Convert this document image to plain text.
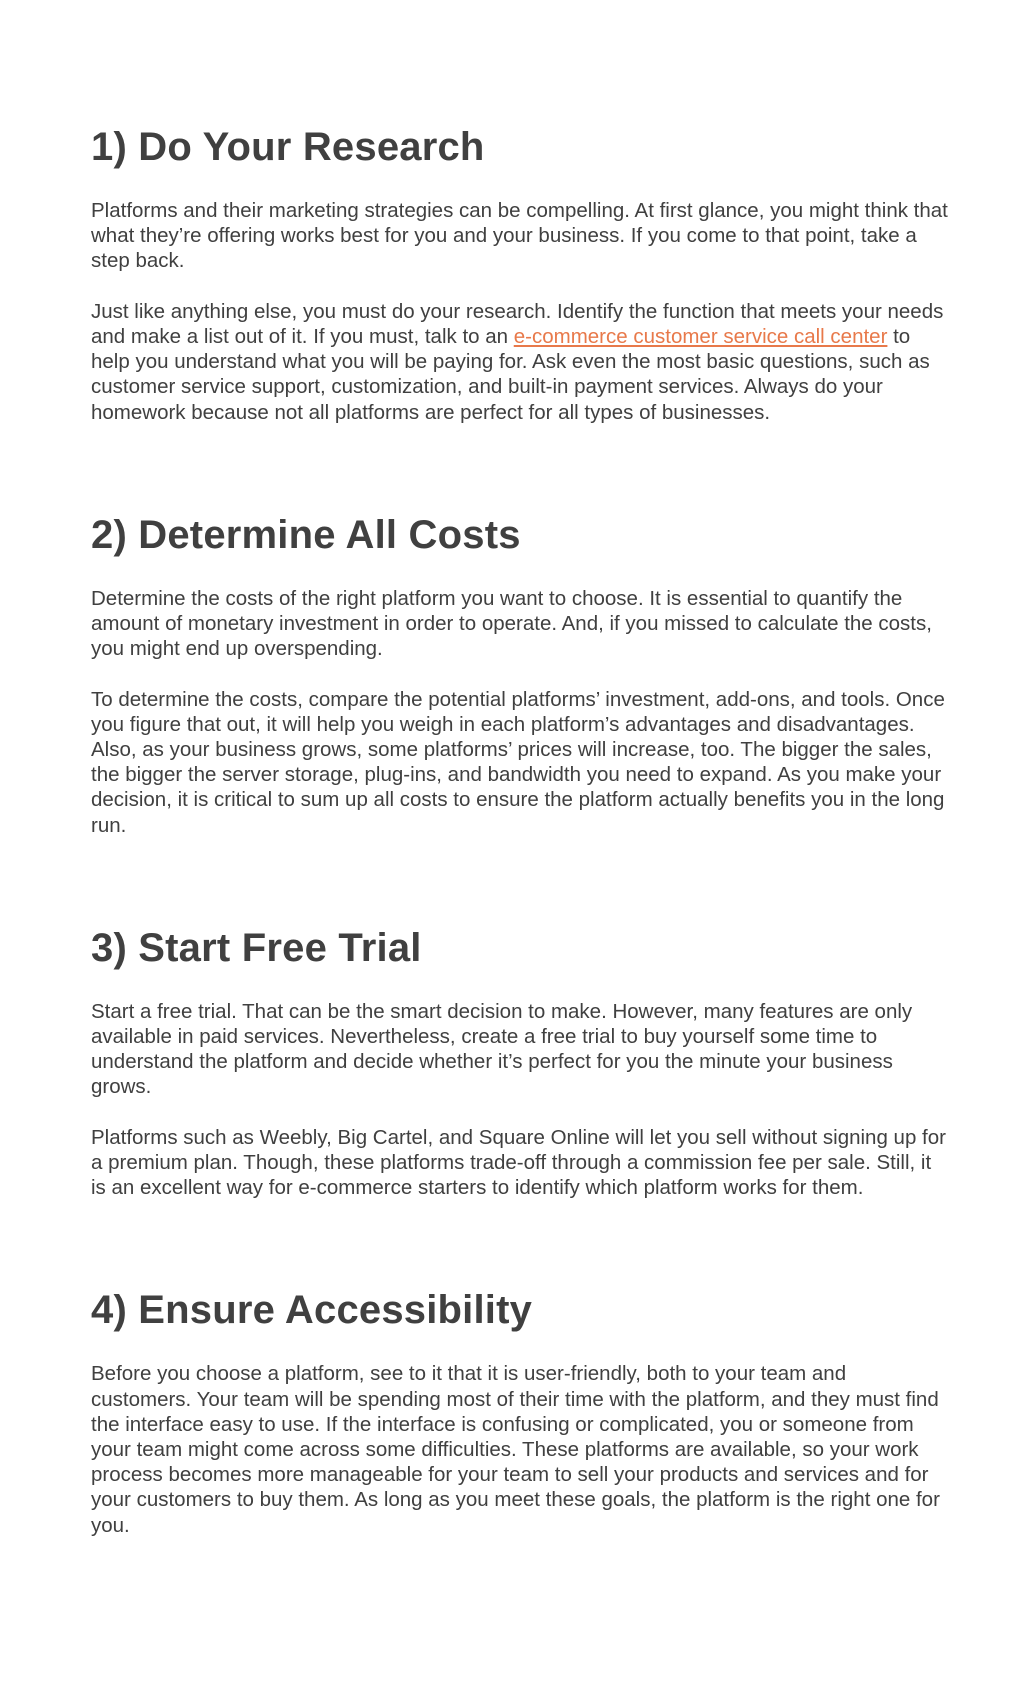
1) Do Your Research

Platforms and their marketing strategies can be compelling. At first glance, you might think that what they’re offering works best for you and your business. If you come to that point, take a step back.

Just like anything else, you must do your research. Identify the function that meets your needs and make a list out of it. If you must, talk to an e-commerce customer service call center to help you understand what you will be paying for. Ask even the most basic questions, such as customer service support, customization, and built-in payment services. Always do your homework because not all platforms are perfect for all types of businesses.

2) Determine All Costs

Determine the costs of the right platform you want to choose. It is essential to quantify the amount of monetary investment in order to operate. And, if you missed to calculate the costs, you might end up overspending.

To determine the costs, compare the potential platforms’ investment, add-ons, and tools. Once you figure that out, it will help you weigh in each platform’s advantages and disadvantages. Also, as your business grows, some platforms’ prices will increase, too. The bigger the sales, the bigger the server storage, plug-ins, and bandwidth you need to expand. As you make your decision, it is critical to sum up all costs to ensure the platform actually benefits you in the long run.

3) Start Free Trial

Start a free trial. That can be the smart decision to make. However, many features are only available in paid services. Nevertheless, create a free trial to buy yourself some time to understand the platform and decide whether it’s perfect for you the minute your business grows.

Platforms such as Weebly, Big Cartel, and Square Online will let you sell without signing up for a premium plan. Though, these platforms trade-off through a commission fee per sale. Still, it is an excellent way for e-commerce starters to identify which platform works for them.

4) Ensure Accessibility

Before you choose a platform, see to it that it is user-friendly, both to your team and customers. Your team will be spending most of their time with the platform, and they must find the interface easy to use. If the interface is confusing or complicated, you or someone from your team might come across some difficulties. These platforms are available, so your work process becomes more manageable for your team to sell your products and services and for your customers to buy them. As long as you meet these goals, the platform is the right one for you.
